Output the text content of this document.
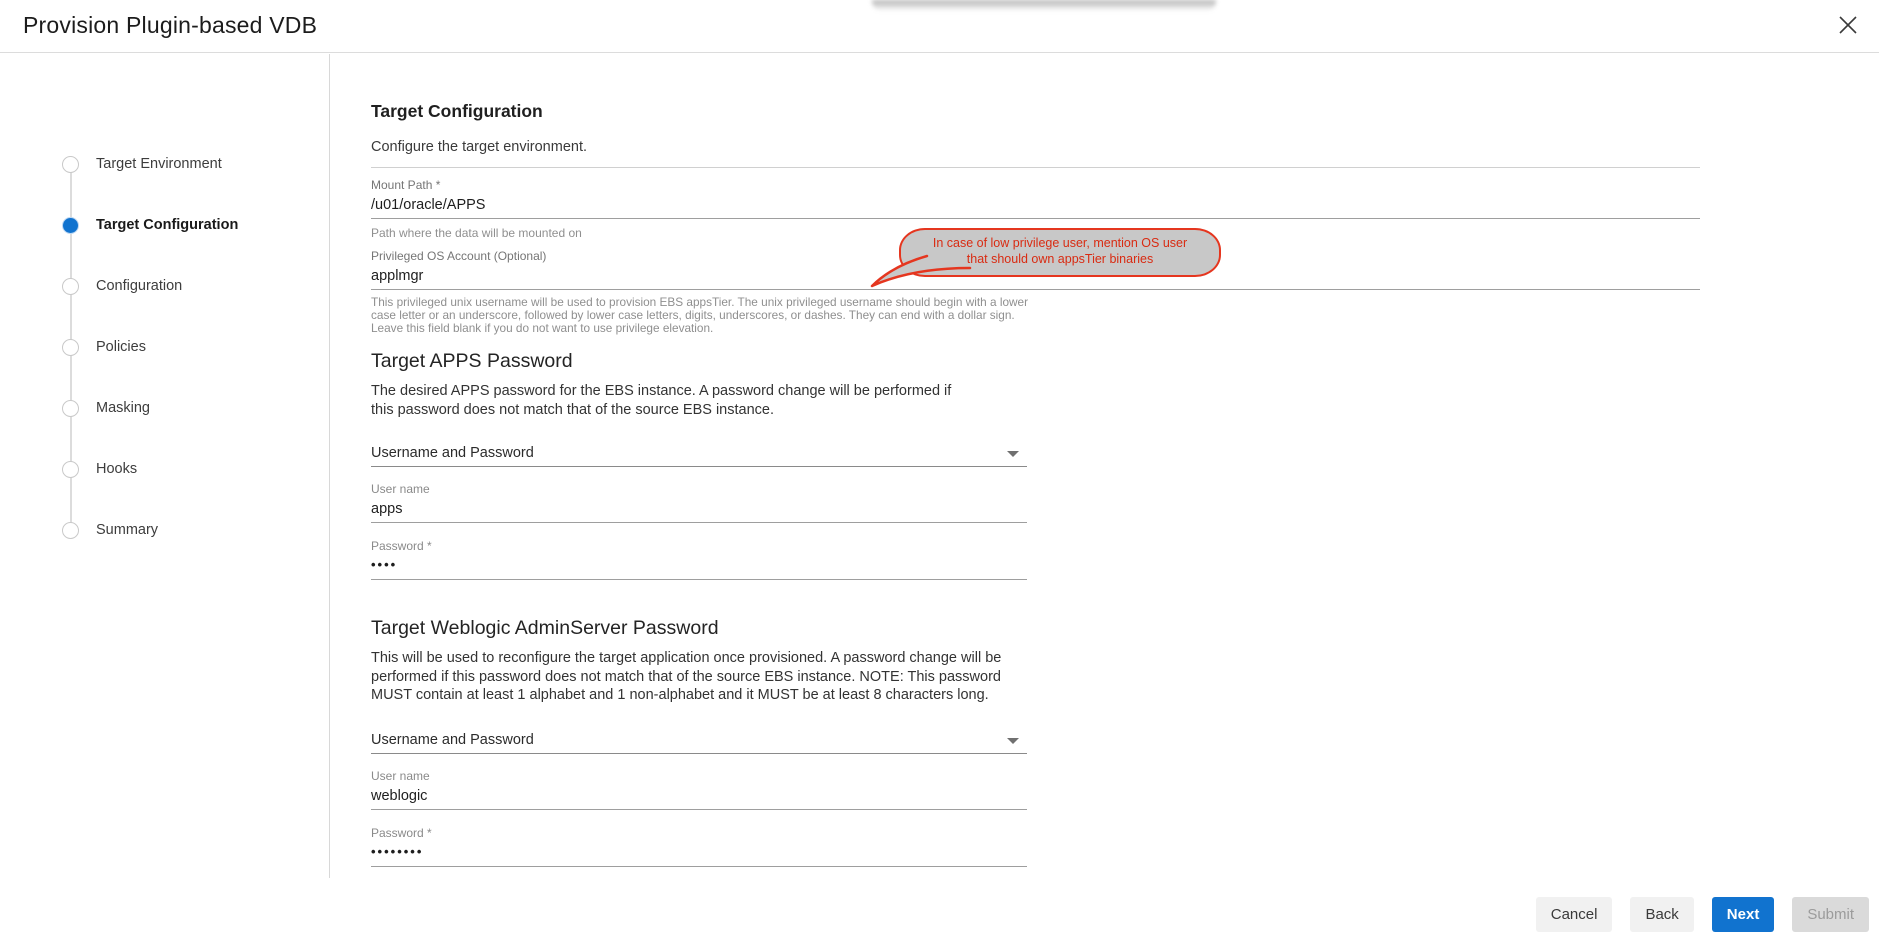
Provision Plugin-based VDB
Target Environment
Target Configuration
Configuration
Policies
Masking
Hooks
Summary
Target Configuration
Configure the target environment.
Mount Path *
/u01/oracle/APPS
Path where the data will be mounted on
Privileged OS Account (Optional)
applmgr
This privileged unix username will be used to provision EBS appsTier. The unix privileged username should begin with a lower case letter or an underscore, followed by lower case letters, digits, underscores, or dashes. They can end with a dollar sign. Leave this field blank if you do not want to use privilege elevation.
Target APPS Password
The desired APPS password for the EBS instance. A password change will be performed if this password does not match that of the source EBS instance.
Username and Password
User name
apps
Password *
••••
Target Weblogic AdminServer Password
This will be used to reconfigure the target application once provisioned. A password change will be performed if this password does not match that of the source EBS instance. NOTE: This password MUST contain at least 1 alphabet and 1 non-alphabet and it MUST be at least 8 characters long.
Username and Password
User name
weblogic
Password *
••••••••
In case of low privilege user, mention OS user
that should own appsTier binaries
Cancel	Back	Next	Submit
